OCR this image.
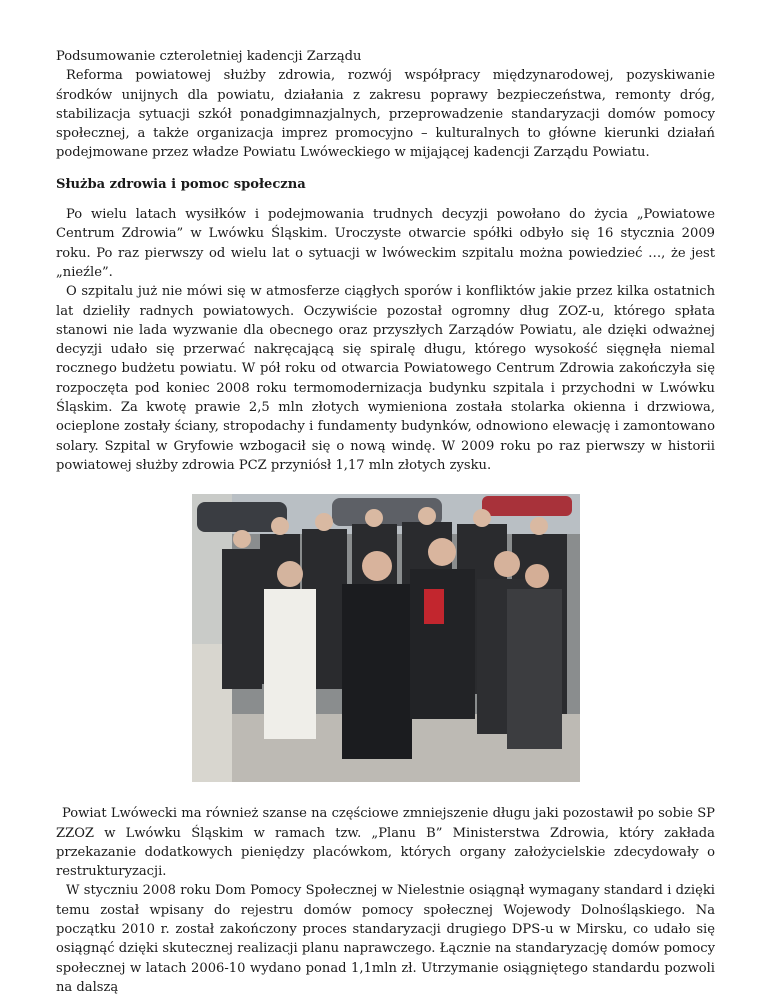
Podsumowanie czteroletniej kadencji Zarządu

Reforma powiatowej służby zdrowia, rozwój współpracy międzynarodowej, pozyskiwanie środków unijnych dla powiatu, działania z zakresu poprawy bezpieczeństwa, remonty dróg, stabilizacja sytuacji szkół ponadgimnazjalnych, przeprowadzenie standaryzacji domów pomocy społecznej, a także organizacja imprez promocyjno – kulturalnych to główne kierunki działań podejmowane przez władze Powiatu Lwóweckiego w mijającej kadencji Zarządu Powiatu.

Służba zdrowia i pomoc społeczna

Po wielu latach wysiłków i podejmowania trudnych decyzji powołano do życia „Powiatowe Centrum Zdrowia” w Lwówku Śląskim. Uroczyste otwarcie spółki odbyło się 16 stycznia 2009 roku. Po raz pierwszy od wielu lat o sytuacji w lwóweckim szpitalu można powiedzieć …, że jest „nieźle”.

O szpitalu już nie mówi się w atmosferze ciągłych sporów i konfliktów jakie przez kilka ostatnich lat dzieliły radnych powiatowych. Oczywiście pozostał ogromny dług ZOZ-u, którego spłata stanowi nie lada wyzwanie dla obecnego oraz przyszłych Zarządów Powiatu, ale dzięki odważnej decyzji udało się przerwać nakręcającą się spiralę długu, którego wysokość sięgnęła niemal rocznego budżetu powiatu. W pół roku od otwarcia Powiatowego Centrum Zdrowia zakończyła się rozpoczęta pod koniec 2008 roku termomodernizacja budynku szpitala i przychodni w Lwówku Śląskim. Za kwotę prawie 2,5 mln złotych wymieniona została stolarka okienna i drzwiowa, ocieplone zostały ściany, stropodachy i fundamenty budynków, odnowiono elewację i zamontowano solary. Szpital w Gryfowie wzbogacił się o nową windę. W 2009 roku po raz pierwszy w historii powiatowej służby zdrowia PCZ przyniósł 1,17 mln złotych zysku.

Powiat Lwówecki ma również szanse na częściowe zmniejszenie długu jaki pozostawił po sobie SP ZZOZ w Lwówku Śląskim w ramach tzw. „Planu B” Ministerstwa Zdrowia, który zakłada przekazanie dodatkowych pieniędzy placówkom, których organy założycielskie zdecydowały o restrukturyzacji.

W styczniu 2008 roku Dom Pomocy Społecznej w Nielestnie osiągnął wymagany standard i dzięki temu został wpisany do rejestru domów pomocy społecznej Wojewody Dolnośląskiego. Na początku 2010 r. został zakończony proces standaryzacji drugiego DPS-u w Mirsku, co udało się osiągnąć dzięki skutecznej realizacji planu naprawczego. Łącznie na standaryzację domów pomocy społecznej w latach 2006-10 wydano ponad 1,1mln zł. Utrzymanie osiągniętego standardu pozwoli na dalszą
